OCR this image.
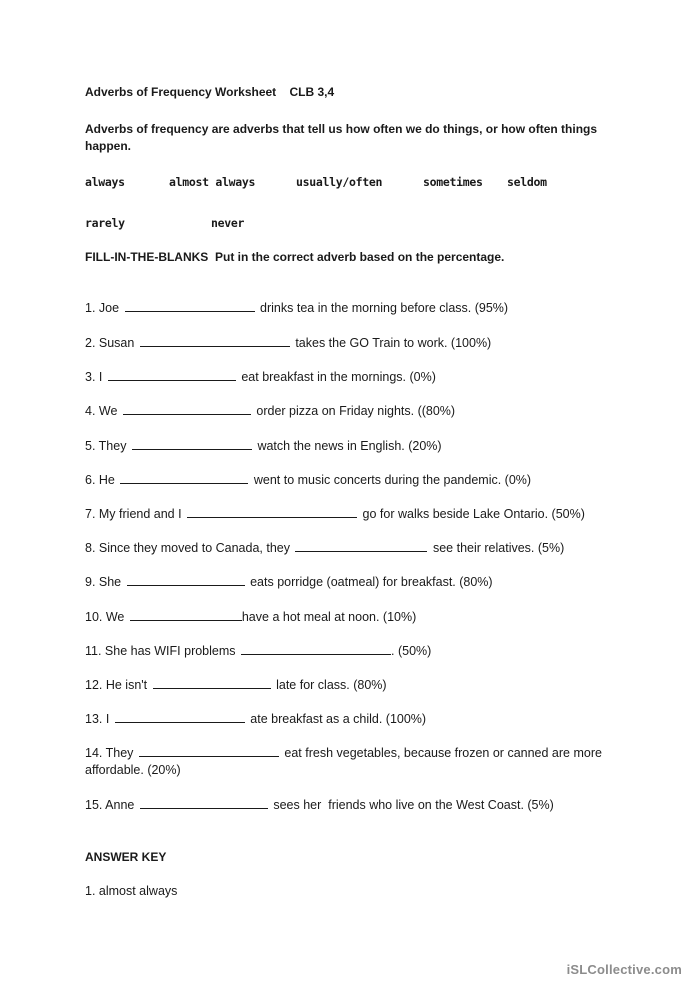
Adverbs of Frequency Worksheet    CLB 3,4
Adverbs of frequency are adverbs that tell us how often we do things, or how often things happen.
always	almost always	usually/often	sometimes seldom
rarely	never
FILL-IN-THE-BLANKS  Put in the correct adverb based on the percentage.
1. Joe	drinks tea in the morning before class. (95%)
2. Susan	takes the GO Train to work. (100%)
3. I	eat breakfast in the mornings. (0%)
4. We	order pizza on Friday nights. ((80%)
5. They	watch the news in English. (20%)
6. He	went to music concerts during the pandemic. (0%)
7. My friend and I	go for walks beside Lake Ontario. (50%)
8. Since they moved to Canada, they	see their relatives. (5%)
9. She	eats porridge (oatmeal) for breakfast. (80%)
10. We	have a hot meal at noon. (10%)
11. She has WIFI problems	. (50%)
12. He isn't	late for class. (80%)
13. I	ate breakfast as a child. (100%)
14. They	eat fresh vegetables, because frozen or canned are more affordable. (20%)
15. Anne	sees her  friends who live on the West Coast. (5%)
ANSWER KEY
1. almost always
iSLCollective.com
